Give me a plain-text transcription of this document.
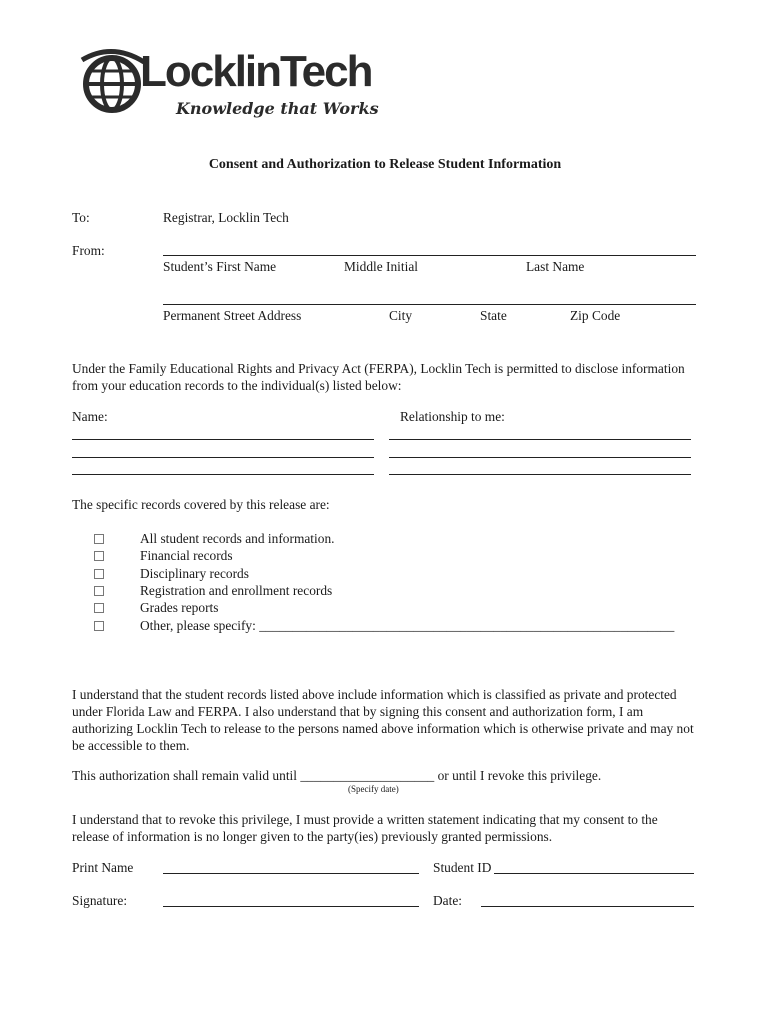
LocklinTech
Knowledge that Works
Consent and Authorization to Release Student Information
To:	Registrar, Locklin Tech
From:
Student’s First Name	Middle Initial	Last Name
Permanent Street Address	City	State	Zip Code
Under the Family Educational Rights and Privacy Act (FERPA), Locklin Tech is permitted to disclose information from your education records to the individual(s) listed below:
Name:	Relationship to me:
The specific records covered by this release are:
All student records and information.
Financial records
Disciplinary records
Registration and enrollment records
Grades reports
Other, please specify: ______________________________________________________________
I understand that the student records listed above include information which is classified as private and protected under Florida Law and FERPA. I also understand that by signing this consent and authorization form, I am authorizing Locklin Tech to release to the persons named above information which is otherwise private and may not be accessible to them.
This authorization shall remain valid until ____________________ or until I revoke this privilege.
(Specify date)
I understand that to revoke this privilege, I must provide a written statement indicating that my consent to the release of information is no longer given to the party(ies) previously granted permissions.
Print Name	Student ID
Signature:	Date:
